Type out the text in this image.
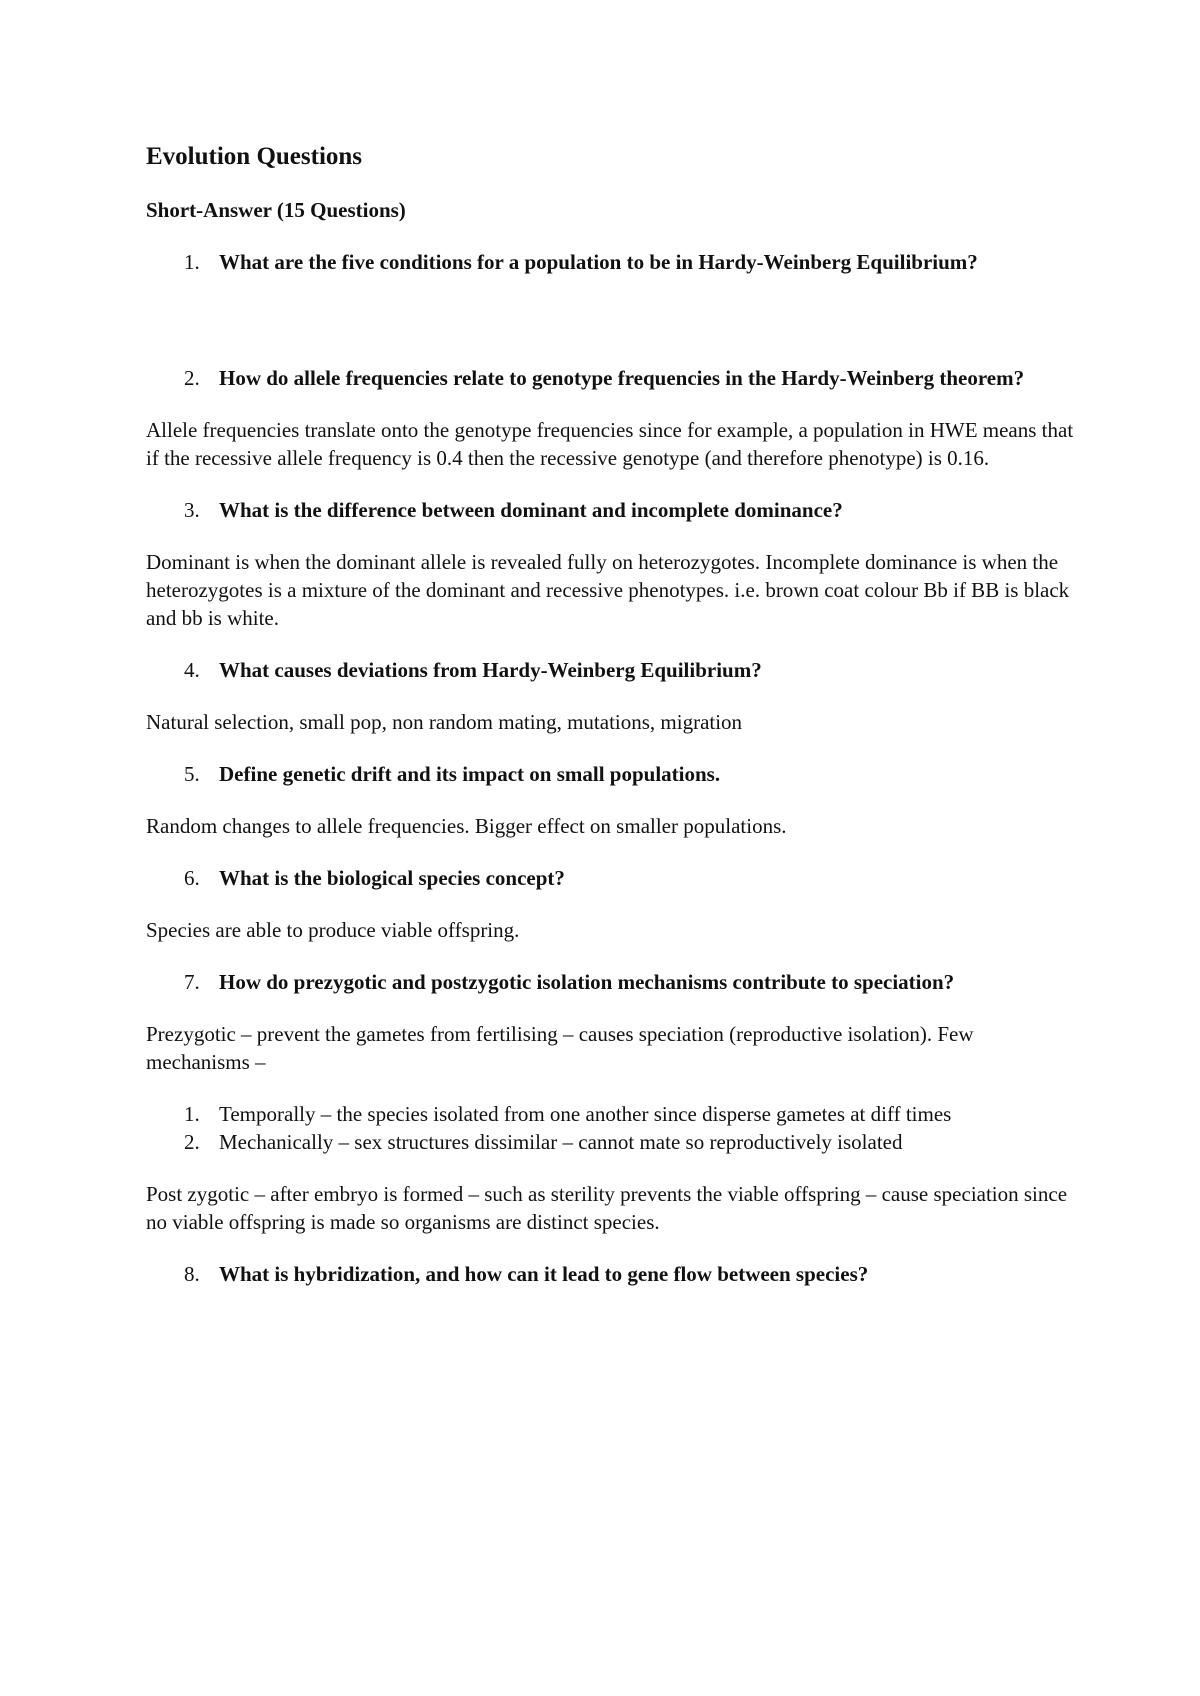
Evolution Questions
Short-Answer (15 Questions)
1. What are the five conditions for a population to be in Hardy-Weinberg Equilibrium?
2. How do allele frequencies relate to genotype frequencies in the Hardy-Weinberg theorem?

Allele frequencies translate onto the genotype frequencies since for example, a population in HWE means that if the recessive allele frequency is 0.4 then the recessive genotype (and therefore phenotype) is 0.16.

3. What is the difference between dominant and incomplete dominance?

Dominant is when the dominant allele is revealed fully on heterozygotes. Incomplete dominance is when the heterozygotes is a mixture of the dominant and recessive phenotypes. i.e. brown coat colour Bb if BB is black and bb is white.

4. What causes deviations from Hardy-Weinberg Equilibrium?

Natural selection, small pop, non random mating, mutations, migration

5. Define genetic drift and its impact on small populations.

Random changes to allele frequencies. Bigger effect on smaller populations.

6. What is the biological species concept?

Species are able to produce viable offspring.

7. How do prezygotic and postzygotic isolation mechanisms contribute to speciation?

Prezygotic – prevent the gametes from fertilising – causes speciation (reproductive isolation). Few mechanisms –

1. Temporally – the species isolated from one another since disperse gametes at diff times
2. Mechanically – sex structures dissimilar – cannot mate so reproductively isolated

Post zygotic – after embryo is formed – such as sterility prevents the viable offspring – cause speciation since no viable offspring is made so organisms are distinct species.

8. What is hybridization, and how can it lead to gene flow between species?
